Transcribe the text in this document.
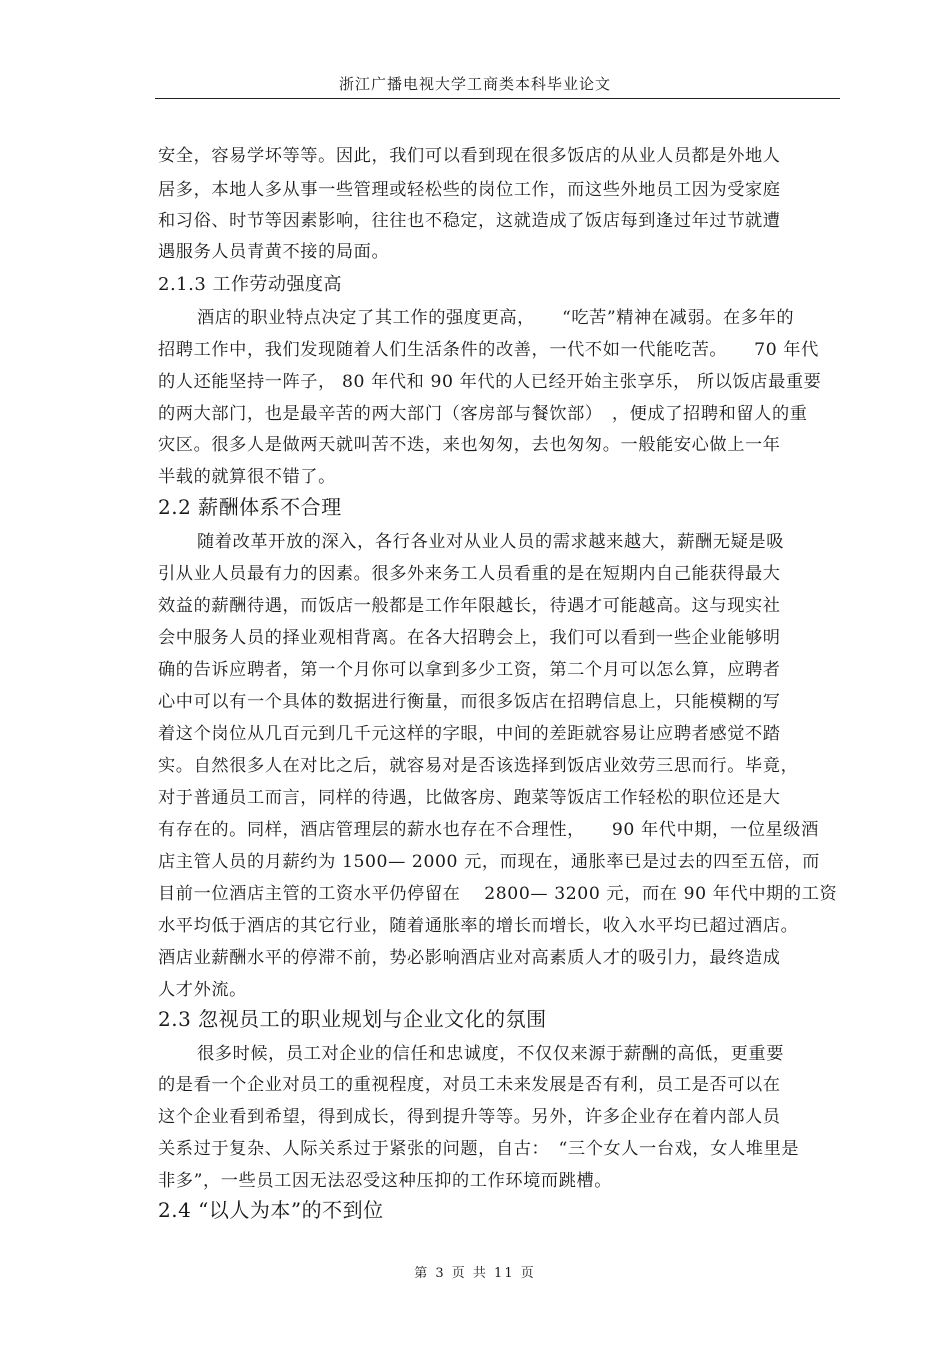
浙江广播电视大学工商类本科毕业论文
安全，容易学坏等等。因此，我们可以看到现在很多饭店的从业人员都是外地人
居多，本地人多从事一些管理或轻松些的岗位工作，而这些外地员工因为受家庭
和习俗、时节等因素影响，往往也不稳定，这就造成了饭店每到逢过年过节就遭
遇服务人员青黄不接的局面。
2.1.3 工作劳动强度高
酒店的职业特点决定了其工作的强度更高，　　“吃苦”精神在减弱。在多年的
招聘工作中，我们发现随着人们生活条件的改善，一代不如一代能吃苦。　　70 年代
的人还能坚持一阵子， 80 年代和 90 年代的人已经开始主张享乐， 所以饭店最重要
的两大部门，也是最辛苦的两大部门（客房部与餐饮部）　，便成了招聘和留人的重
灾区。很多人是做两天就叫苦不迭，来也匆匆，去也匆匆。一般能安心做上一年
半载的就算很不错了。
2.2 薪酬体系不合理
随着改革开放的深入，各行各业对从业人员的需求越来越大，薪酬无疑是吸
引从业人员最有力的因素。很多外来务工人员看重的是在短期内自己能获得最大
效益的薪酬待遇，而饭店一般都是工作年限越长，待遇才可能越高。这与现实社
会中服务人员的择业观相背离。在各大招聘会上，我们可以看到一些企业能够明
确的告诉应聘者，第一个月你可以拿到多少工资，第二个月可以怎么算，应聘者
心中可以有一个具体的数据进行衡量，而很多饭店在招聘信息上，只能模糊的写
着这个岗位从几百元到几千元这样的字眼，中间的差距就容易让应聘者感觉不踏
实。自然很多人在对比之后，就容易对是否该选择到饭店业效劳三思而行。毕竟，
对于普通员工而言，同样的待遇，比做客房、跑菜等饭店工作轻松的职位还是大
有存在的。同样，酒店管理层的薪水也存在不合理性，　　90 年代中期，一位星级酒
店主管人员的月薪约为 1500— 2000 元，而现在，通胀率已是过去的四至五倍，而
目前一位酒店主管的工资水平仍停留在　 2800— 3200 元，而在 90 年代中期的工资
水平均低于酒店的其它行业，随着通胀率的增长而增长，收入水平均已超过酒店。
酒店业薪酬水平的停滞不前，势必影响酒店业对高素质人才的吸引力，最终造成
人才外流。
2.3 忽视员工的职业规划与企业文化的氛围
很多时候，员工对企业的信任和忠诚度，不仅仅来源于薪酬的高低，更重要
的是看一个企业对员工的重视程度，对员工未来发展是否有利，员工是否可以在
这个企业看到希望，得到成长，得到提升等等。另外，许多企业存在着内部人员
关系过于复杂、人际关系过于紧张的问题，自古：　“三个女人一台戏，女人堆里是
非多”，一些员工因无法忍受这种压抑的工作环境而跳槽。
2.4 “以人为本”的不到位
第 3 页 共 11 页
